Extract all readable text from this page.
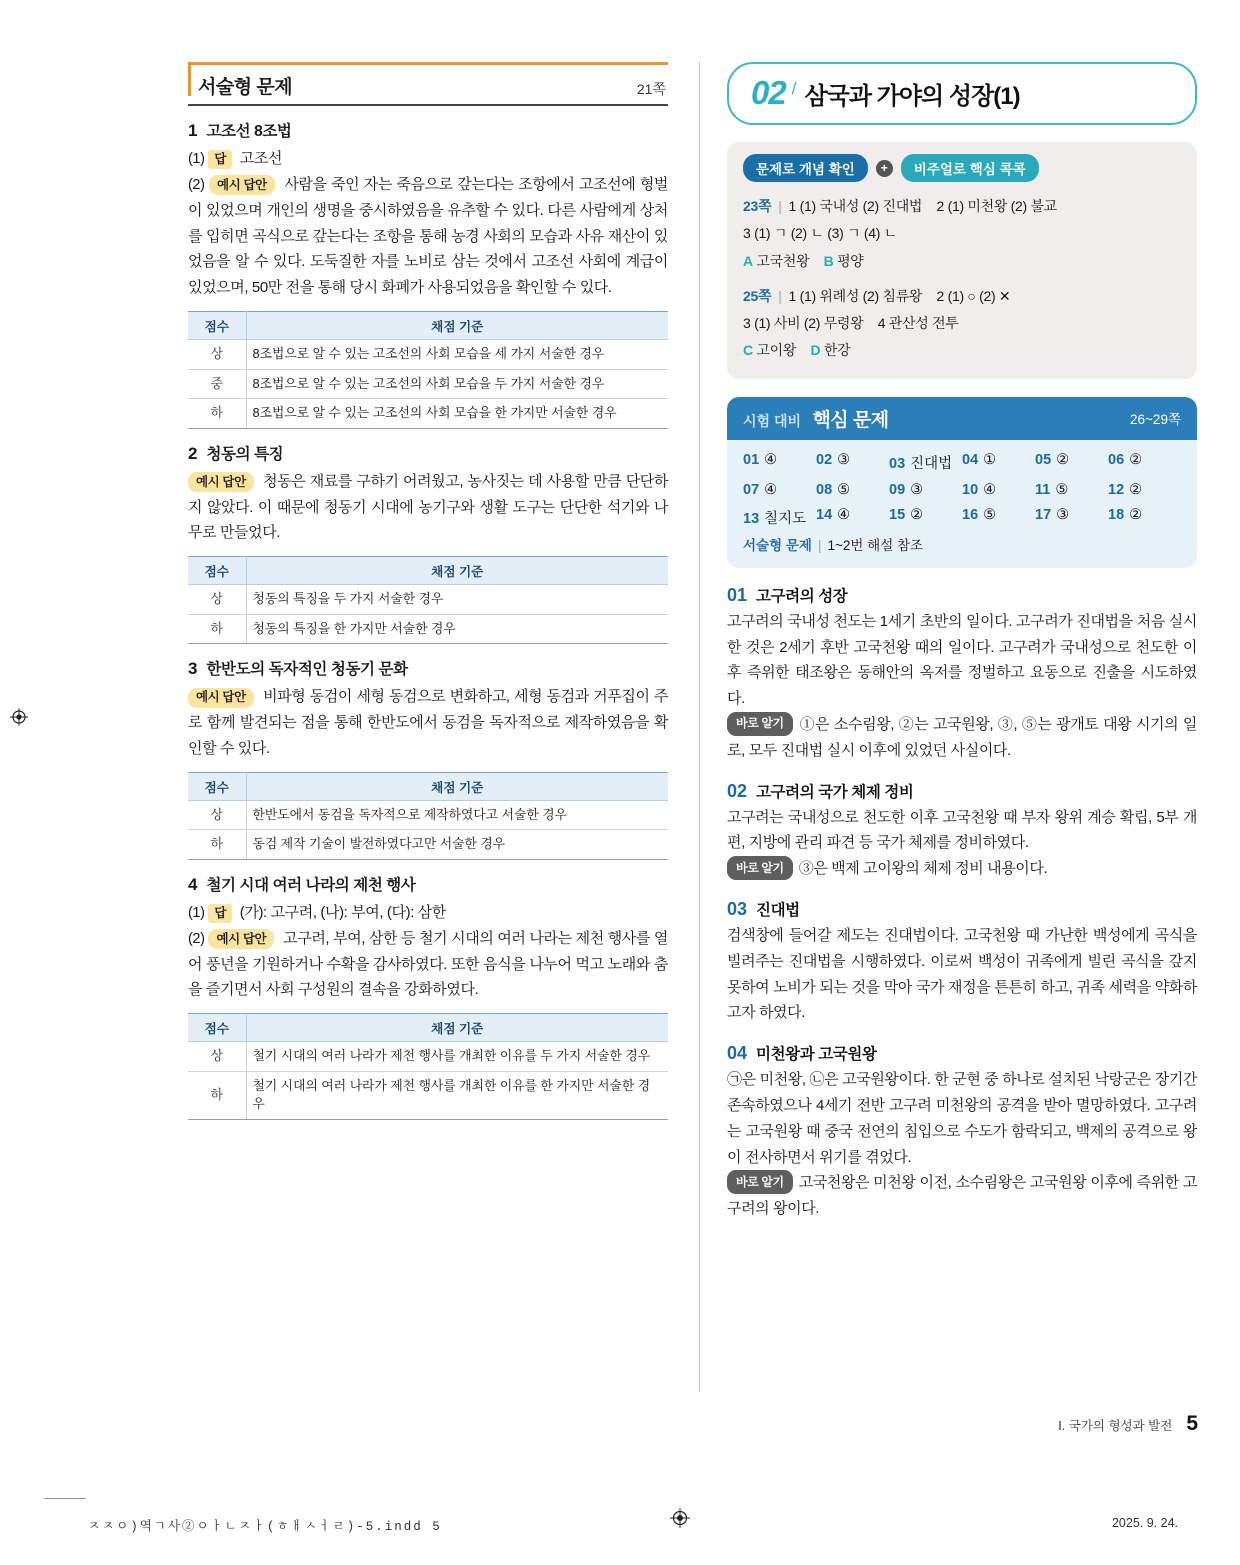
서술형 문제	21쪽
1 고조선 8조법
(1) 답 고조선
(2) 예시 답안 사람을 죽인 자는 죽음으로 갚는다는 조항에서 고조선에 형벌이 있었으며 개인의 생명을 중시하였음을 유추할 수 있다. 다른 사람에게 상처를 입히면 곡식으로 갚는다는 조항을 통해 농경 사회의 모습과 사유 재산이 있었음을 알 수 있다. 도둑질한 자를 노비로 삼는 것에서 고조선 사회에 계급이 있었으며, 50만 전을 통해 당시 화폐가 사용되었음을 확인할 수 있다.
점수	채점 기준
상	8조법으로 알 수 있는 고조선의 사회 모습을 세 가지 서술한 경우
중	8조법으로 알 수 있는 고조선의 사회 모습을 두 가지 서술한 경우
하	8조법으로 알 수 있는 고조선의 사회 모습을 한 가지만 서술한 경우
2 청동의 특징
예시 답안 청동은 재료를 구하기 어려웠고, 농사짓는 데 사용할 만큼 단단하지 않았다. 이 때문에 청동기 시대에 농기구와 생활 도구는 단단한 석기와 나무로 만들었다.
점수	채점 기준
상	청동의 특징을 두 가지 서술한 경우
하	청동의 특징을 한 가지만 서술한 경우
3 한반도의 독자적인 청동기 문화
예시 답안 비파형 동검이 세형 동검으로 변화하고, 세형 동검과 거푸집이 주로 함께 발견되는 점을 통해 한반도에서 동검을 독자적으로 제작하였음을 확인할 수 있다.
점수	채점 기준
상	한반도에서 동검을 독자적으로 제작하였다고 서술한 경우
하	동검 제작 기술이 발전하였다고만 서술한 경우
4 철기 시대 여러 나라의 제천 행사
(1) 답 (가): 고구려, (나): 부여, (다): 삼한
(2) 예시 답안 고구려, 부여, 삼한 등 철기 시대의 여러 나라는 제천 행사를 열어 풍년을 기원하거나 수확을 감사하였다. 또한 음식을 나누어 먹고 노래와 춤을 즐기면서 사회 구성원의 결속을 강화하였다.
점수	채점 기준
상	철기 시대의 여러 나라가 제천 행사를 개최한 이유를 두 가지 서술한 경우
하	철기 시대의 여러 나라가 제천 행사를 개최한 이유를 한 가지만 서술한 경우
02 / 삼국과 가야의 성장(1)
문제로 개념 확인	+	비주얼로 핵심 콕콕
23쪽 | 1 (1) 국내성 (2) 진대법 2 (1) 미천왕 (2) 불교
3 (1) ㄱ (2) ㄴ (3) ㄱ (4) ㄴ
A 고국천왕 B 평양
25쪽 | 1 (1) 위례성 (2) 침류왕 2 (1) ○ (2) ✕
3 (1) 사비 (2) 무령왕 4 관산성 전투
C 고이왕 D 한강
시험 대비 핵심 문제	26~29쪽
01 ④	02 ③	03 진대법 04 ①	05 ②	06 ②
07 ④	08 ⑤	09 ③	10 ④	11 ⑤	12 ②
13 칠지도 14 ④	15 ②	16 ⑤	17 ③	18 ②
서술형 문제 | 1~2번 해설 참조
01 고구려의 성장
고구려의 국내성 천도는 1세기 초반의 일이다. 고구려가 진대법을 처음 실시한 것은 2세기 후반 고국천왕 때의 일이다. 고구려가 국내성으로 천도한 이후 즉위한 태조왕은 동해안의 옥저를 정벌하고 요동으로 진출을 시도하였다.
바로 알기 ①은 소수림왕, ②는 고국원왕, ③, ⑤는 광개토 대왕 시기의 일로, 모두 진대법 실시 이후에 있었던 사실이다.
02 고구려의 국가 체제 정비
고구려는 국내성으로 천도한 이후 고국천왕 때 부자 왕위 계승 확립, 5부 개편, 지방에 관리 파견 등 국가 체제를 정비하였다.
바로 알기 ③은 백제 고이왕의 체제 정비 내용이다.
03 진대법
검색창에 들어갈 제도는 진대법이다. 고국천왕 때 가난한 백성에게 곡식을 빌려주는 진대법을 시행하였다. 이로써 백성이 귀족에게 빌린 곡식을 갚지 못하여 노비가 되는 것을 막아 국가 재정을 튼튼히 하고, 귀족 세력을 약화하고자 하였다.
04 미천왕과 고국원왕
㉠은 미천왕, ㉡은 고국원왕이다. 한 군현 중 하나로 설치된 낙랑군은 장기간 존속하였으나 4세기 전반 고구려 미천왕의 공격을 받아 멸망하였다. 고구려는 고국원왕 때 중국 전연의 침입으로 수도가 함락되고, 백제의 공격으로 왕이 전사하면서 위기를 겪었다.
바로 알기 고국천왕은 미천왕 이전, 소수림왕은 고국원왕 이후에 즉위한 고구려의 왕이다.
Ⅰ. 국가의 형성과 발전 5
ㅈㅈㅇ)역ㄱ사②ㅇㅏㄴㅈㅏ(ㅎㅐㅅㅓㄹ)-5.indd 5	2025. 9. 24.
